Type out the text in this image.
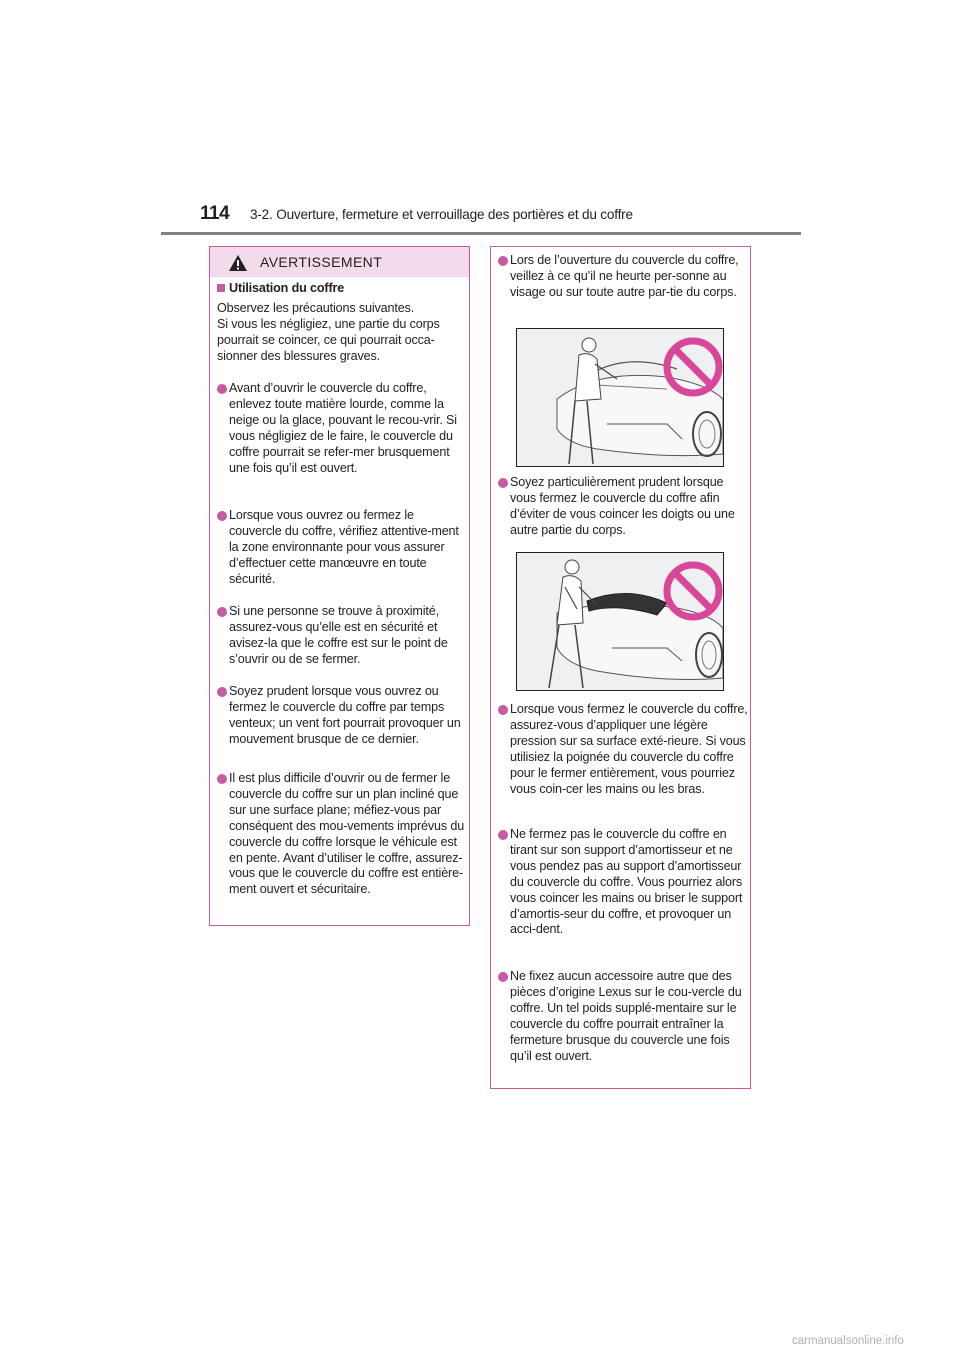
114 3-2. Ouverture, fermeture et verrouillage des portières et du coffre
AVERTISSEMENT
Utilisation du coffre
Observez les précautions suivantes.
Si vous les négligiez, une partie du corps pourrait se coincer, ce qui pourrait occa-sionner des blessures graves.
Avant d’ouvrir le couvercle du coffre, enlevez toute matière lourde, comme la neige ou la glace, pouvant le recou-vrir. Si vous négligiez de le faire, le couvercle du coffre pourrait se refer-mer brusquement une fois qu’il est ouvert.
Lorsque vous ouvrez ou fermez le couvercle du coffre, vérifiez attentive-ment la zone environnante pour vous assurer d’effectuer cette manœuvre en toute sécurité.
Si une personne se trouve à proximité, assurez-vous qu’elle est en sécurité et avisez-la que le coffre est sur le point de s’ouvrir ou de se fermer.
Soyez prudent lorsque vous ouvrez ou fermez le couvercle du coffre par temps venteux; un vent fort pourrait provoquer un mouvement brusque de ce dernier.
Il est plus difficile d’ouvrir ou de fermer le couvercle du coffre sur un plan incliné que sur une surface plane; méfiez-vous par conséquent des mou-vements imprévus du couvercle du coffre lorsque le véhicule est en pente. Avant d’utiliser le coffre, assurez-vous que le couvercle du coffre est entière-ment ouvert et sécuritaire.
Lors de l’ouverture du couvercle du coffre, veillez à ce qu’il ne heurte per-sonne au visage ou sur toute autre par-tie du corps.
Soyez particulièrement prudent lorsque vous fermez le couvercle du coffre afin d’éviter de vous coincer les doigts ou une autre partie du corps.
Lorsque vous fermez le couvercle du coffre, assurez-vous d’appliquer une légère pression sur sa surface exté-rieure. Si vous utilisiez la poignée du couvercle du coffre pour le fermer entièrement, vous pourriez vous coin-cer les mains ou les bras.
Ne fermez pas le couvercle du coffre en tirant sur son support d’amortisseur et ne vous pendez pas au support d’amortisseur du couvercle du coffre. Vous pourriez alors vous coincer les mains ou briser le support d’amortis-seur du coffre, et provoquer un acci-dent.
Ne fixez aucun accessoire autre que des pièces d’origine Lexus sur le cou-vercle du coffre. Un tel poids supplé-mentaire sur le couvercle du coffre pourrait entraîner la fermeture brusque du couvercle une fois qu’il est ouvert.
carmanualsonline.info
